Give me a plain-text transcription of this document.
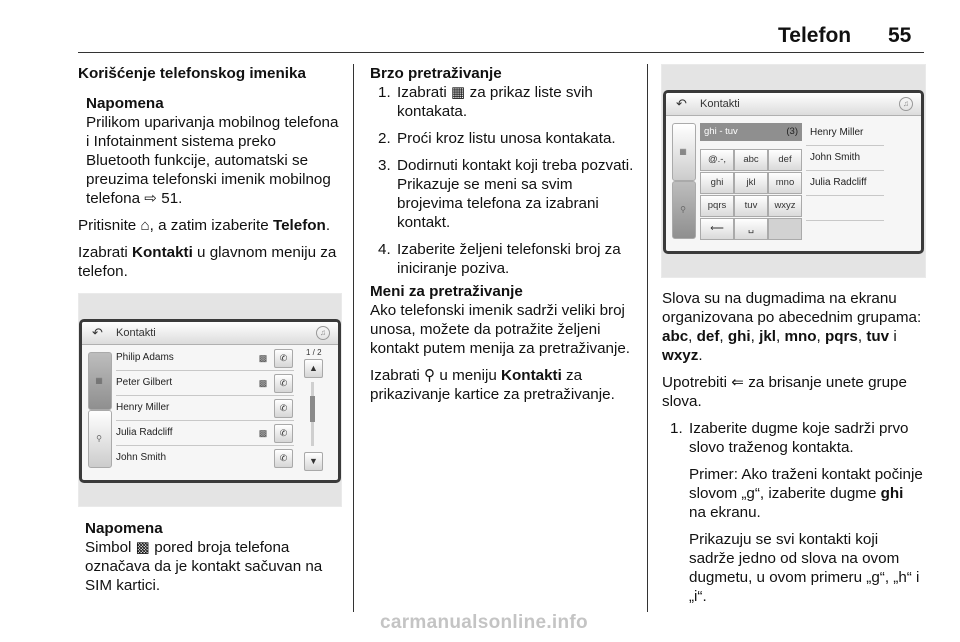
Telefon 55

Korišćenje telefonskog imenika

Napomena

Prilikom uparivanja mobilnog telefona i Infotainment sistema preko Bluetooth funkcije, automatski se preuzima telefonski imenik mobilnog telefona ⇨ 51.

Pritisnite ⌂, a zatim izaberite Telefon.

Izabrati Kontakti u glavnom meniju za telefon.

↶ Kontakti	♫
▦
⚲
Philip Adams	▩	✆
Peter Gilbert	▩	✆
Henry Miller	✆
Julia Radcliff	▩	✆
John Smith	✆
1 / 2
▲
▼

Napomena

Simbol ▩ pored broja telefona označava da je kontakt sačuvan na SIM kartici.

Brzo pretraživanje

1. Izabrati ▦ za prikaz liste svih kontakata.
2. Proći kroz listu unosa kontakata.
3. Dodirnuti kontakt koji treba pozvati. Prikazuje se meni sa svim brojevima telefona za izabrani kontakt.
4. Izaberite željeni telefonski broj za iniciranje poziva.

Meni za pretraživanje

Ako telefonski imenik sadrži veliki broj unosa, možete da potražite željeni kontakt putem menija za pretraživanje.

Izabrati ⚲ u meniju Kontakti za prikazivanje kartice za pretraživanje.

↶ Kontakti	♫
▦
⚲
ghi - tuv	(3)
@.-,	abc	def
ghi	jkl	mno
pqrs	tuv	wxyz
⟵	␣
Henry Miller
John Smith
Julia Radcliff

Slova su na dugmadima na ekranu organizovana po abecednim grupama: abc, def, ghi, jkl, mno, pqrs, tuv i wxyz.

Upotrebiti ⇐ za brisanje unete grupe slova.

1. Izaberite dugme koje sadrži prvo slovo traženog kontakta.
Primer: Ako traženi kontakt počinje slovom „g“, izaberite dugme ghi na ekranu.
Prikazuju se svi kontakti koji sadrže jedno od slova na ovom dugmetu, u ovom primeru „g“, „h“ i „i“.
carmanualsonline.info
